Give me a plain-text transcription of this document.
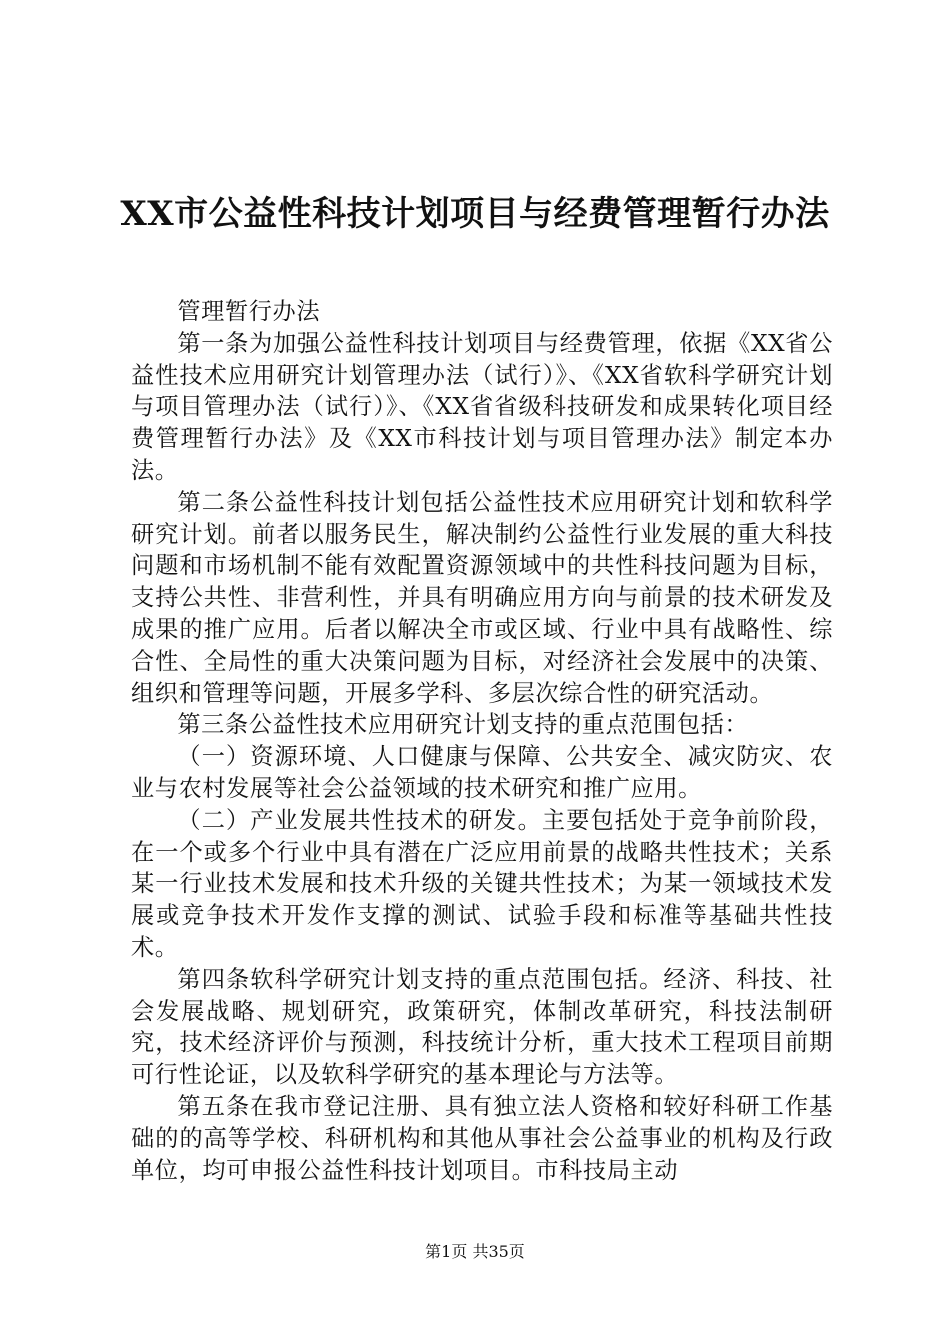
XX市公益性科技计划项目与经费管理暂行办法

管理暂行办法

第一条为加强公益性科技计划项目与经费管理，依据《XX省公益性技术应用研究计划管理办法（试行）》、《XX省软科学研究计划与项目管理办法（试行）》、《XX省省级科技研发和成果转化项目经费管理暂行办法》及《XX市科技计划与项目管理办法》制定本办法。

第二条公益性科技计划包括公益性技术应用研究计划和软科学研究计划。前者以服务民生，解决制约公益性行业发展的重大科技问题和市场机制不能有效配置资源领域中的共性科技问题为目标，支持公共性、非营利性，并具有明确应用方向与前景的技术研发及成果的推广应用。后者以解决全市或区域、行业中具有战略性、综合性、全局性的重大决策问题为目标，对经济社会发展中的决策、组织和管理等问题，开展多学科、多层次综合性的研究活动。

第三条公益性技术应用研究计划支持的重点范围包括：

（一）资源环境、人口健康与保障、公共安全、减灾防灾、农业与农村发展等社会公益领域的技术研究和推广应用。

（二）产业发展共性技术的研发。主要包括处于竞争前阶段，在一个或多个行业中具有潜在广泛应用前景的战略共性技术；关系某一行业技术发展和技术升级的关键共性技术；为某一领域技术发展或竞争技术开发作支撑的测试、试验手段和标准等基础共性技术。

第四条软科学研究计划支持的重点范围包括。经济、科技、社会发展战略、规划研究，政策研究，体制改革研究，科技法制研究，技术经济评价与预测，科技统计分析，重大技术工程项目前期可行性论证，以及软科学研究的基本理论与方法等。

第五条在我市登记注册、具有独立法人资格和较好科研工作基础的的高等学校、科研机构和其他从事社会公益事业的机构及行政单位，均可申报公益性科技计划项目。市科技局主动

第1页 共35页
